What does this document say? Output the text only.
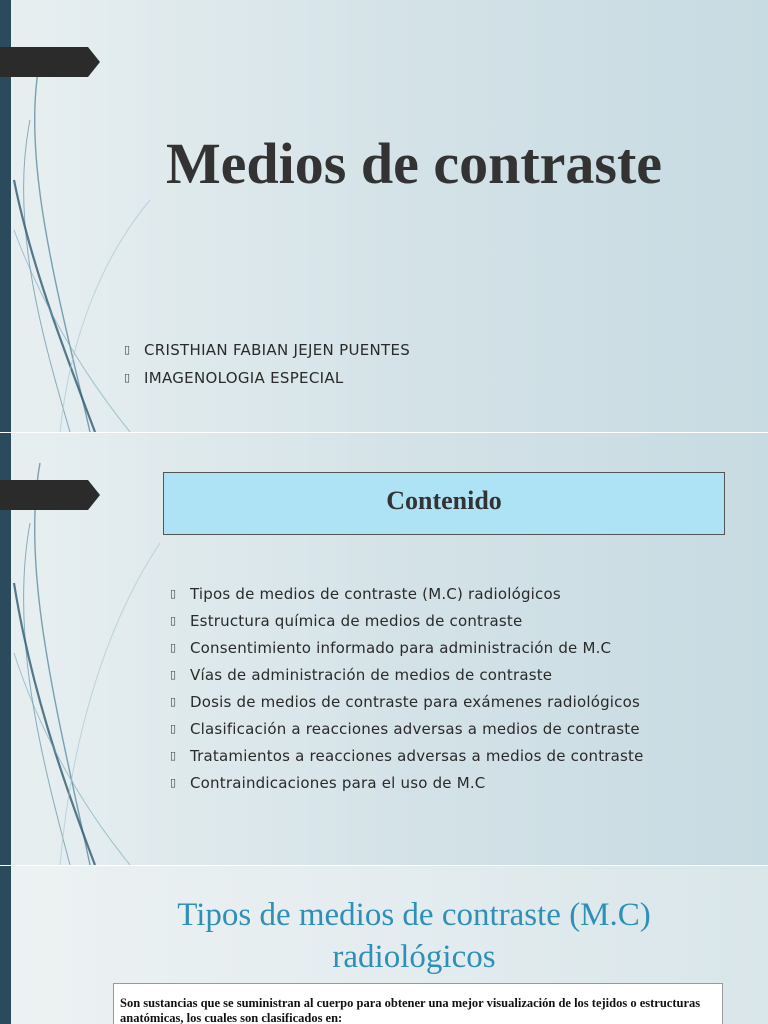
Medios de contraste
▯ CRISTHIAN FABIAN JEJEN PUENTES
▯ IMAGENOLOGIA ESPECIAL
Contenido
▯ Tipos de medios de contraste (M.C) radiológicos
▯ Estructura química de medios de contraste
▯ Consentimiento informado para administración de M.C
▯ Vías de administración de medios de contraste
▯ Dosis de medios de contraste para exámenes radiológicos
▯ Clasificación a reacciones adversas a medios de contraste
▯ Tratamientos a reacciones adversas a medios de contraste
▯ Contraindicaciones para el uso de M.C
Tipos de medios de contraste (M.C)
radiológicos
Son sustancias que se suministran al cuerpo para obtener una mejor visualización de los tejidos o estructuras anatómicas, los cuales son clasificados en:
